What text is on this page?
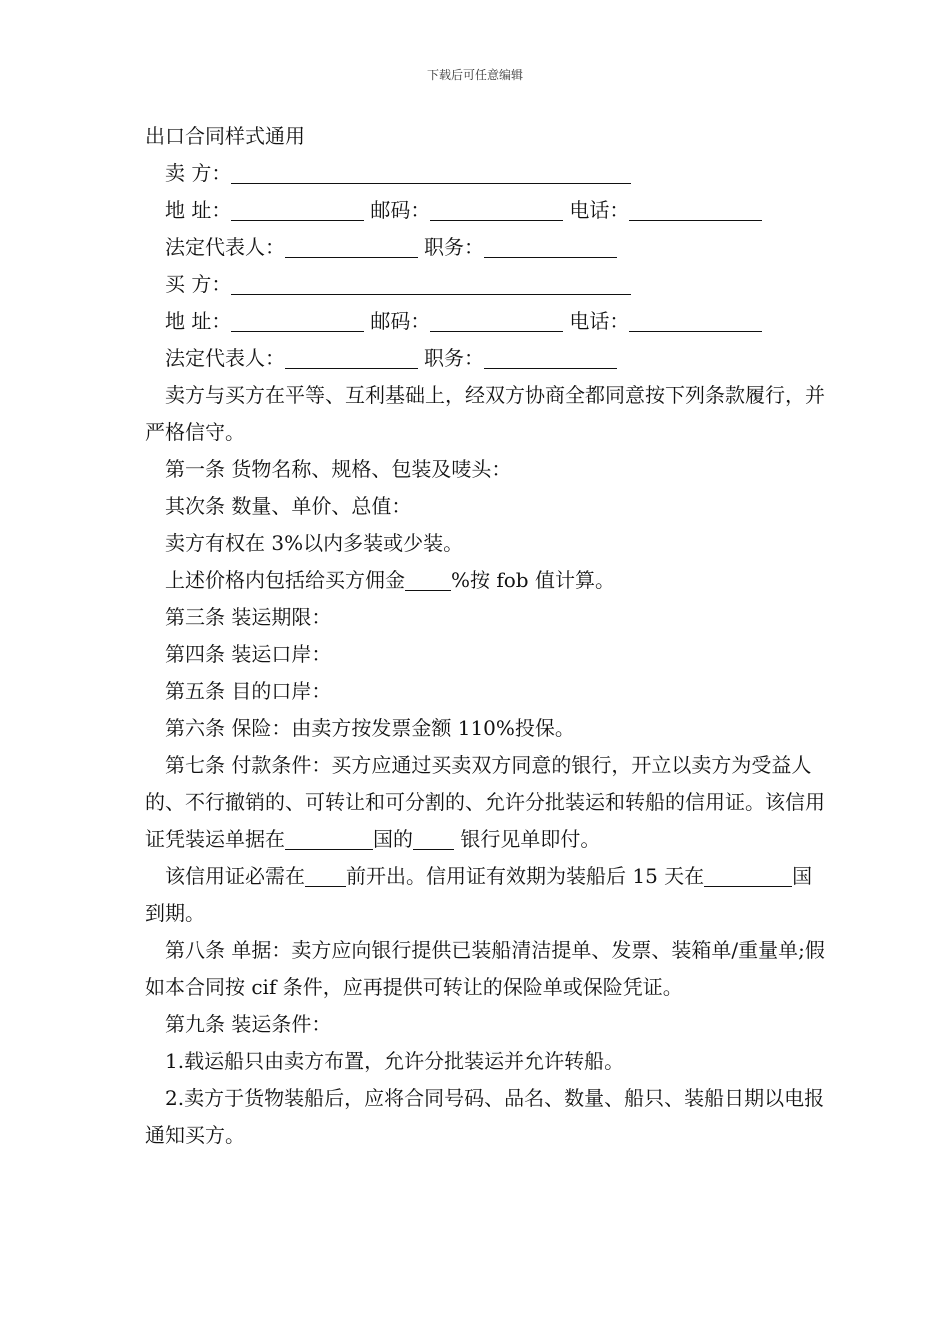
下载后可任意编辑
出口合同样式通用
卖 方：
地 址：	邮码：	电话：
法定代表人：	职务：
买 方：
地 址：	邮码：	电话：
法定代表人：	职务：
卖方与买方在平等、互利基础上，经双方协商全都同意按下列条款履行，并严格信守。
第一条 货物名称、规格、包装及唛头：
其次条 数量、单价、总值：
卖方有权在 3%以内多装或少装。
上述价格内包括给买方佣金 %按 fob 值计算。
第三条 装运期限：
第四条 装运口岸：
第五条 目的口岸：
第六条 保险：由卖方按发票金额 110%投保。
第七条 付款条件：买方应通过买卖双方同意的银行，开立以卖方为受益人的、不行撤销的、可转让和可分割的、允许分批装运和转船的信用证。该信用证凭装运单据在	国的 银行见单即付。
该信用证必需在 前开出。信用证有效期为装船后 15 天在	国到期。
第八条 单据：卖方应向银行提供已装船清洁提单、发票、装箱单/重量单;假如本合同按 cif 条件，应再提供可转让的保险单或保险凭证。
第九条 装运条件：
1.载运船只由卖方布置，允许分批装运并允许转船。
2.卖方于货物装船后，应将合同号码、品名、数量、船只、装船日期以电报通知买方。
